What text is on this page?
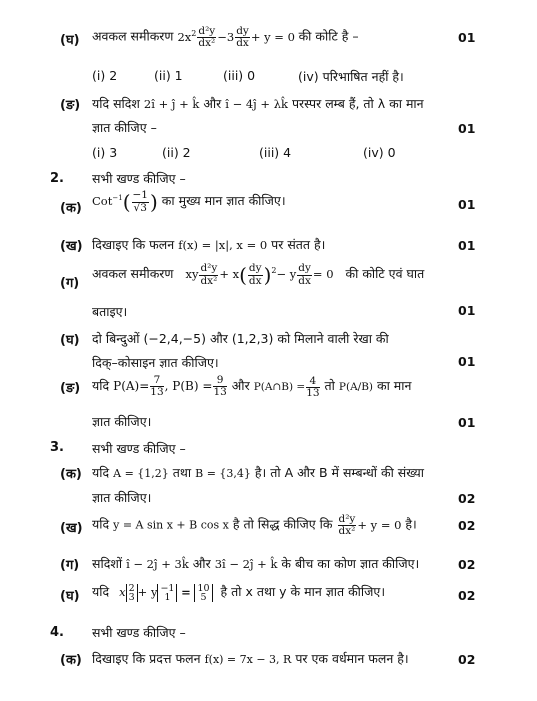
(घ) अवकल समीकरण $2x^2 \frac{\text{d²y}}{\text{dx²}} -3 \frac{dy}{dx} + y = 0$ की कोटि है –	01
(i) 2	(ii) 1	(iii) 0	(iv) परिभाषित नहीं है।
(ङ) यदि सदिश 2î + ĵ + k̂ और î − 4ĵ + λk̂ परस्पर लम्ब हैं, तो λ का मान
ज्ञात कीजिए –	01
(i) 3	(ii) 2	(iii) 4	(iv) 0
2. सभी खण्ड कीजिए –
(क) $Cot^{-1}( \frac{-1}{√3}$ ) का मुख्य मान ज्ञात कीजिए।	01
(ख) दिखाइए कि फलन f(x) = |x|, x = 0 पर संतत है।	01
(ग)
अवकल समीकरण xy $\frac{\text{d²y}}{\text{dx²}} + x( \frac{dy}{dx} )^2- y \frac{dy}{dx} = 0$ की कोटि एवं घात
बताइए।	01
(घ) दो बिन्दुओं (−2,4,−5) और (1,2,3) को मिलाने वाली रेखा की
दिक्–कोसाइन ज्ञात कीजिए।	01
(ङ) यदि $P(A)= \frac{7}{13}$ , $P(B) = \frac{9}{13}$ और P(A∩B) = $\frac{4}{13}$ तो P(A/B) का मान
ज्ञात कीजिए।	01
3. सभी खण्ड कीजिए –
(क) यदि A = {1,2} तथा B = {3,4} है। तो A और B में सम्बन्धों की संख्या
ज्ञात कीजिए।	02
(ख) यदि y = A sin x + B cos x है तो सिद्ध कीजिए कि $\frac{\text{d²y}}{\text{dx²}} + y = 0$ है।	02
(ग) सदिशों î − 2ĵ + 3k̂ और 3î − 2ĵ + k̂ के बीच का कोण ज्ञात कीजिए।	02
(घ) यदि x 2
3 + y −1
1 = 10
5 है तो x तथा y के मान ज्ञात कीजिए।	02
4. सभी खण्ड कीजिए –
(क) दिखाइए कि प्रदत्त फलन f(x) = 7x − 3, R पर एक वर्धमान फलन है।	02
